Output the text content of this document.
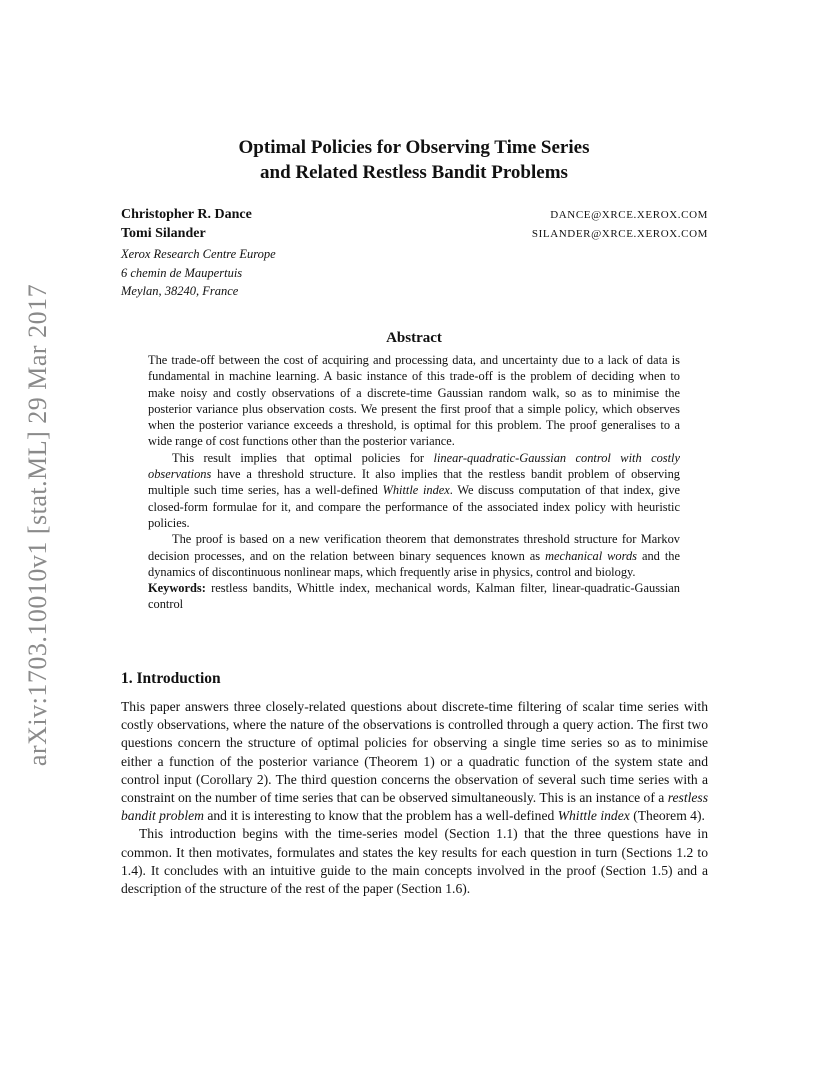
arXiv:1703.10010v1 [stat.ML] 29 Mar 2017
Optimal Policies for Observing Time Series
and Related Restless Bandit Problems
Christopher R. Dance	DANCE@XRCE.XEROX.COM
Tomi Silander	SILANDER@XRCE.XEROX.COM
Xerox Research Centre Europe
6 chemin de Maupertuis
Meylan, 38240, France
Abstract

The trade-off between the cost of acquiring and processing data, and uncertainty due to a lack of data is fundamental in machine learning. A basic instance of this trade-off is the problem of deciding when to make noisy and costly observations of a discrete-time Gaussian random walk, so as to minimise the posterior variance plus observation costs. We present the first proof that a simple policy, which observes when the posterior variance exceeds a threshold, is optimal for this problem. The proof generalises to a wide range of cost functions other than the posterior variance.

This result implies that optimal policies for linear-quadratic-Gaussian control with costly observations have a threshold structure. It also implies that the restless bandit problem of observing multiple such time series, has a well-defined Whittle index. We discuss computation of that index, give closed-form formulae for it, and compare the performance of the associated index policy with heuristic policies.

The proof is based on a new verification theorem that demonstrates threshold structure for Markov decision processes, and on the relation between binary sequences known as mechanical words and the dynamics of discontinuous nonlinear maps, which frequently arise in physics, control and biology.

Keywords: restless bandits, Whittle index, mechanical words, Kalman filter, linear-quadratic-Gaussian control
1. Introduction

This paper answers three closely-related questions about discrete-time filtering of scalar time series with costly observations, where the nature of the observations is controlled through a query action. The first two questions concern the structure of optimal policies for observing a single time series so as to minimise either a function of the posterior variance (Theorem 1) or a quadratic function of the system state and control input (Corollary 2). The third question concerns the observation of several such time series with a constraint on the number of time series that can be observed simultaneously. This is an instance of a restless bandit problem and it is interesting to know that the problem has a well-defined Whittle index (Theorem 4).

This introduction begins with the time-series model (Section 1.1) that the three questions have in common. It then motivates, formulates and states the key results for each question in turn (Sections 1.2 to 1.4). It concludes with an intuitive guide to the main concepts involved in the proof (Section 1.5) and a description of the structure of the rest of the paper (Section 1.6).
